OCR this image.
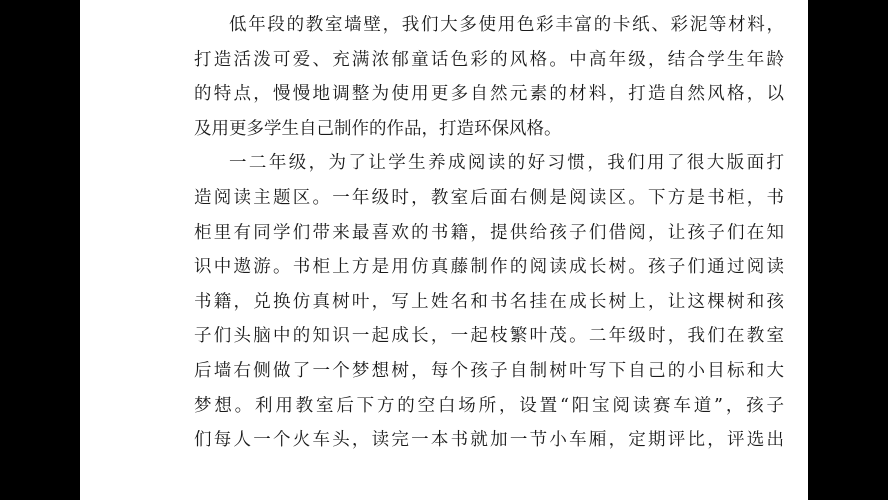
低年段的教室墙壁，我们大多使用色彩丰富的卡纸、彩泥等材料，
打造活泼可爱、充满浓郁童话色彩的风格。中高年级，结合学生年龄
的特点，慢慢地调整为使用更多自然元素的材料，打造自然风格，以
及用更多学生自己制作的作品，打造环保风格。
一二年级，为了让学生养成阅读的好习惯，我们用了很大版面打
造阅读主题区。一年级时，教室后面右侧是阅读区。下方是书柜，书
柜里有同学们带来最喜欢的书籍，提供给孩子们借阅，让孩子们在知
识中遨游。书柜上方是用仿真藤制作的阅读成长树。孩子们通过阅读
书籍，兑换仿真树叶，写上姓名和书名挂在成长树上，让这棵树和孩
子们头脑中的知识一起成长，一起枝繁叶茂。二年级时，我们在教室
后墙右侧做了一个梦想树，每个孩子自制树叶写下自己的小目标和大
梦想。利用教室后下方的空白场所，设置“阳宝阅读赛车道”，孩子
们每人一个火车头，读完一本书就加一节小车厢，定期评比，评选出
